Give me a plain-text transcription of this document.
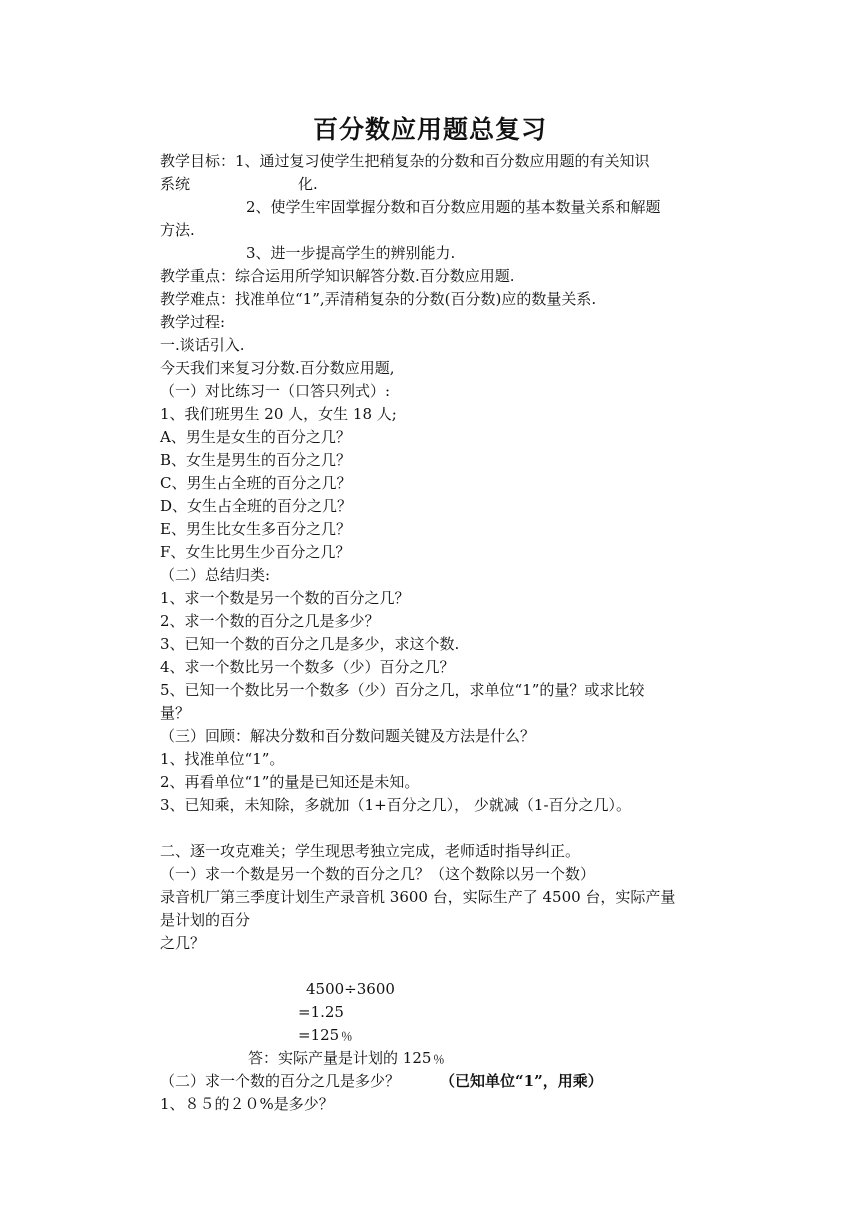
百分数应用题总复习
教学目标：1、通过复习使学生把稍复杂的分数和百分数应用题的有关知识
系统	化.
2、使学生牢固掌握分数和百分数应用题的基本数量关系和解题
方法.
3、进一步提高学生的辨别能力.
教学重点：综合运用所学知识解答分数.百分数应用题.
教学难点：找准单位“1”,弄清稍复杂的分数(百分数)应的数量关系.
教学过程:
一.谈话引入.
今天我们来复习分数.百分数应用题,
（一）对比练习一（口答只列式）:
1、我们班男生 20 人，女生 18 人;
A、男生是女生的百分之几？
B、女生是男生的百分之几？
C、男生占全班的百分之几？
D、女生占全班的百分之几？
E、男生比女生多百分之几？
F、女生比男生少百分之几？
（二）总结归类:
1、求一个数是另一个数的百分之几？
2、求一个数的百分之几是多少？
3、已知一个数的百分之几是多少，求这个数.
4、求一个数比另一个数多（少）百分之几？
5、已知一个数比另一个数多（少）百分之几，求单位“1”的量？或求比较
量？
（三）回顾：解决分数和百分数问题关键及方法是什么？
1、找准单位“1”。
2、再看单位“1”的量是已知还是未知。
3、已知乘，未知除，多就加（1+百分之几）， 少就减（1-百分之几）。
二、逐一攻克难关；学生现思考独立完成，老师适时指导纠正。
（一）求一个数是另一个数的百分之几？（这个数除以另一个数）
录音机厂第三季度计划生产录音机 3600 台，实际生产了 4500 台，实际产量
是计划的百分
之几？
4500÷3600
=1.25
=125﹪
答：实际产量是计划的 125﹪
（二）求一个数的百分之几是多少？	（已知单位“1”，用乘）
1、８５的２０%是多少？
